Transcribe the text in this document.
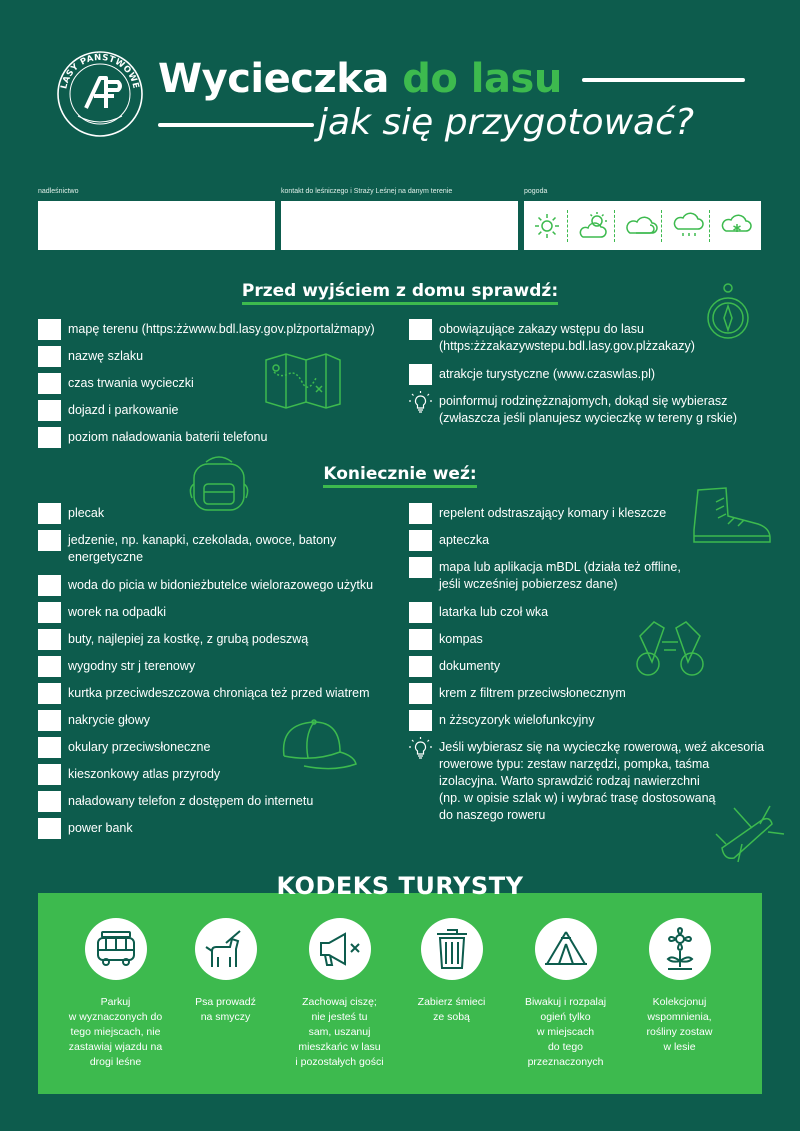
LASY PAŃSTWOWE Wycieczka do lasu
jak się przygotować?
nadleśnictwo	kontakt do leśniczego i Straży Leśnej na danym terenie	pogoda
Przed wyjściem z domu sprawdź:
mapę terenu (https:żżwww.bdl.lasy.gov.plżportalżmapy)
nazwę szlaku
czas trwania wycieczki
dojazd i parkowanie
poziom naładowania baterii telefonu
obowiązujące zakazy wstępu do lasu
(https:żżzakazywstepu.bdl.lasy.gov.plżzakazy)
atrakcje turystyczne (www.czaswlas.pl)
poinformuj rodzinężznajomych, dokąd się wybierasz
(zwłaszcza jeśli planujesz wycieczkę w tereny g rskie)
Koniecznie weź:
plecak
jedzenie, np. kanapki, czekolada, owoce, batony
energetyczne
woda do picia w bidonieżbutelce wielorazowego użytku
worek na odpadki
buty, najlepiej za kostkę, z grubą podeszwą
wygodny str j terenowy
kurtka przeciwdeszczowa chroniąca też przed wiatrem
nakrycie głowy
okulary przeciwsłoneczne
kieszonkowy atlas przyrody
naładowany telefon z dostępem do internetu
power bank
repelent odstraszający komary i kleszcze
apteczka
mapa lub aplikacja mBDL (działa też offline,
jeśli wcześniej pobierzesz dane)
latarka lub czoł wka
kompas
dokumenty
krem z filtrem przeciwsłonecznym
n żżscyzoryk wielofunkcyjny
Jeśli wybierasz się na wycieczkę rowerową, weź akcesoria
rowerowe typu: zestaw narzędzi, pompka, taśma
izolacyjna. Warto sprawdzić rodzaj nawierzchni
(np. w opisie szlak w) i wybrać trasę dostosowaną
do naszego roweru
KODEKS TURYSTY
Parkuj
w wyznaczonych do
tego miejscach, nie
zastawiaj wjazdu na
drogi leśne
Psa prowadź
na smyczy
Zachowaj ciszę;
nie jesteś tu
sam, uszanuj
mieszkańc w lasu
i pozostałych gości
Zabierz śmieci
ze sobą
Biwakuj i rozpalaj
ogień tylko
w miejscach
do tego
przeznaczonych
Kolekcjonuj
wspomnienia,
rośliny zostaw
w lesie
